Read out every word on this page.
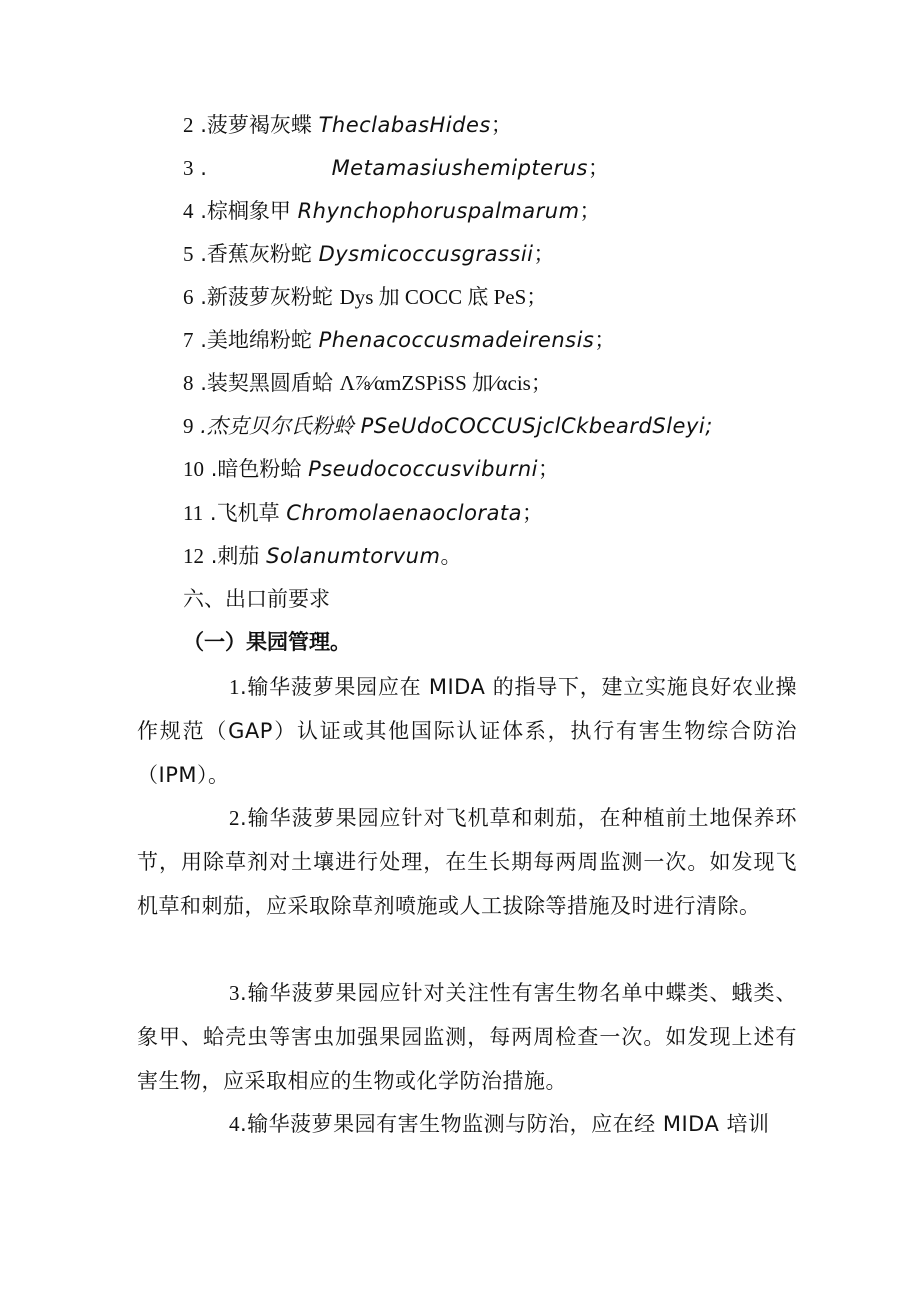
2 .菠萝褐灰蝶 TheclabasHides；
3 .	Metamasiushemipterus；
4 .棕榈象甲 Rhynchophoruspalmarum；
5 .香蕉灰粉蛇 Dysmicoccusgrassii；
6 .新菠萝灰粉蛇 Dys 加 COCC 底 PeS；
7 .美地绵粉蛇 Phenacoccusmadeirensis；
8 .装契黑圆盾蛤 Λ⅞∕αmZSPiSS 加∕αcis；
9 .杰克贝尔氏粉蛉 PSeUdoCOCCUSjclCkbeardSleyi;
10 .暗色粉蛤 Pseudococcusviburni；
11 .飞机草 Chromolaenaoclorata；
12 .刺茄 Solanumtorvum。
六、出口前要求
（一）果园管理。
1.输华菠萝果园应在 MIDA 的指导下，建立实施良好农业操作规范（GAP）认证或其他国际认证体系，执行有害生物综合防治（IPM）。
2.输华菠萝果园应针对飞机草和刺茄，在种植前土地保养环节，用除草剂对土壤进行处理，在生长期每两周监测一次。如发现飞机草和刺茄，应采取除草剂喷施或人工拔除等措施及时进行清除。
3.输华菠萝果园应针对关注性有害生物名单中蝶类、蛾类、象甲、蛤壳虫等害虫加强果园监测，每两周检查一次。如发现上述有害生物，应采取相应的生物或化学防治措施。
4.输华菠萝果园有害生物监测与防治，应在经 MIDA 培训
